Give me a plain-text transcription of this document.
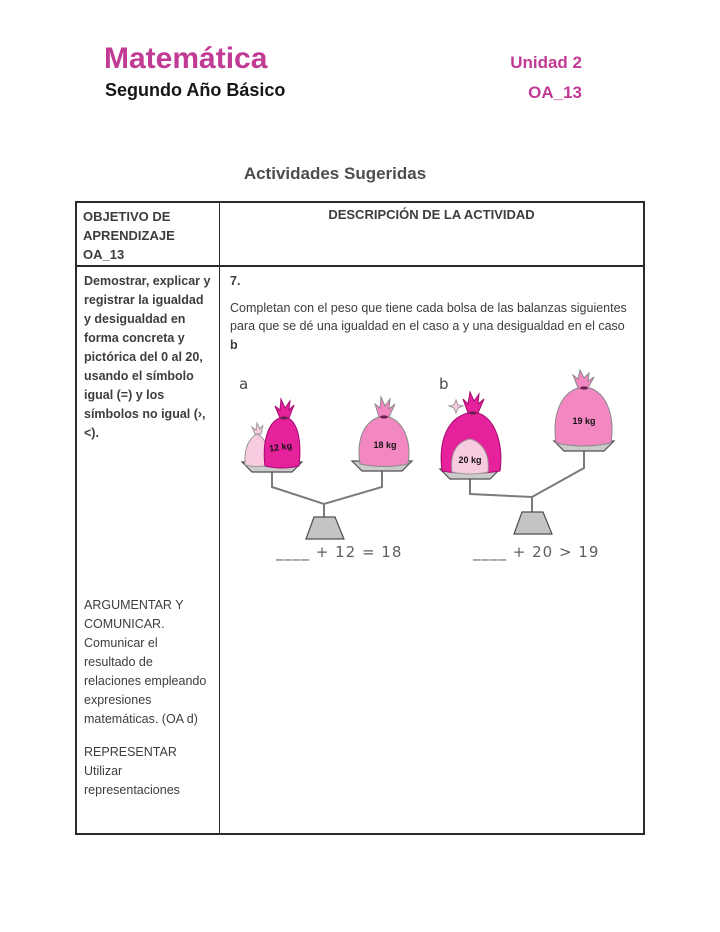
Matemática
Segundo Año Básico
Unidad 2
OA_13
Actividades Sugeridas
OBJETIVO DE APRENDIZAJE OA_13
DESCRIPCIÓN DE LA ACTIVIDAD

Demostrar, explicar y registrar la igualdad y desigualdad en forma concreta y pictórica del 0 al 20, usando el símbolo igual (=) y los símbolos no igual (›,<).

ARGUMENTAR Y COMUNICAR. Comunicar el resultado de relaciones empleando expresiones matemáticas. (OA d)

REPRESENTAR Utilizar representaciones

7.

Completan con el peso que tiene cada bolsa de las balanzas siguientes para que se dé una igualdad en el caso a y una desigualdad en el caso b

a
12 kg	18 kg
____ + 12 = 18
b
20 kg
19 kg
____ + 20 > 19
